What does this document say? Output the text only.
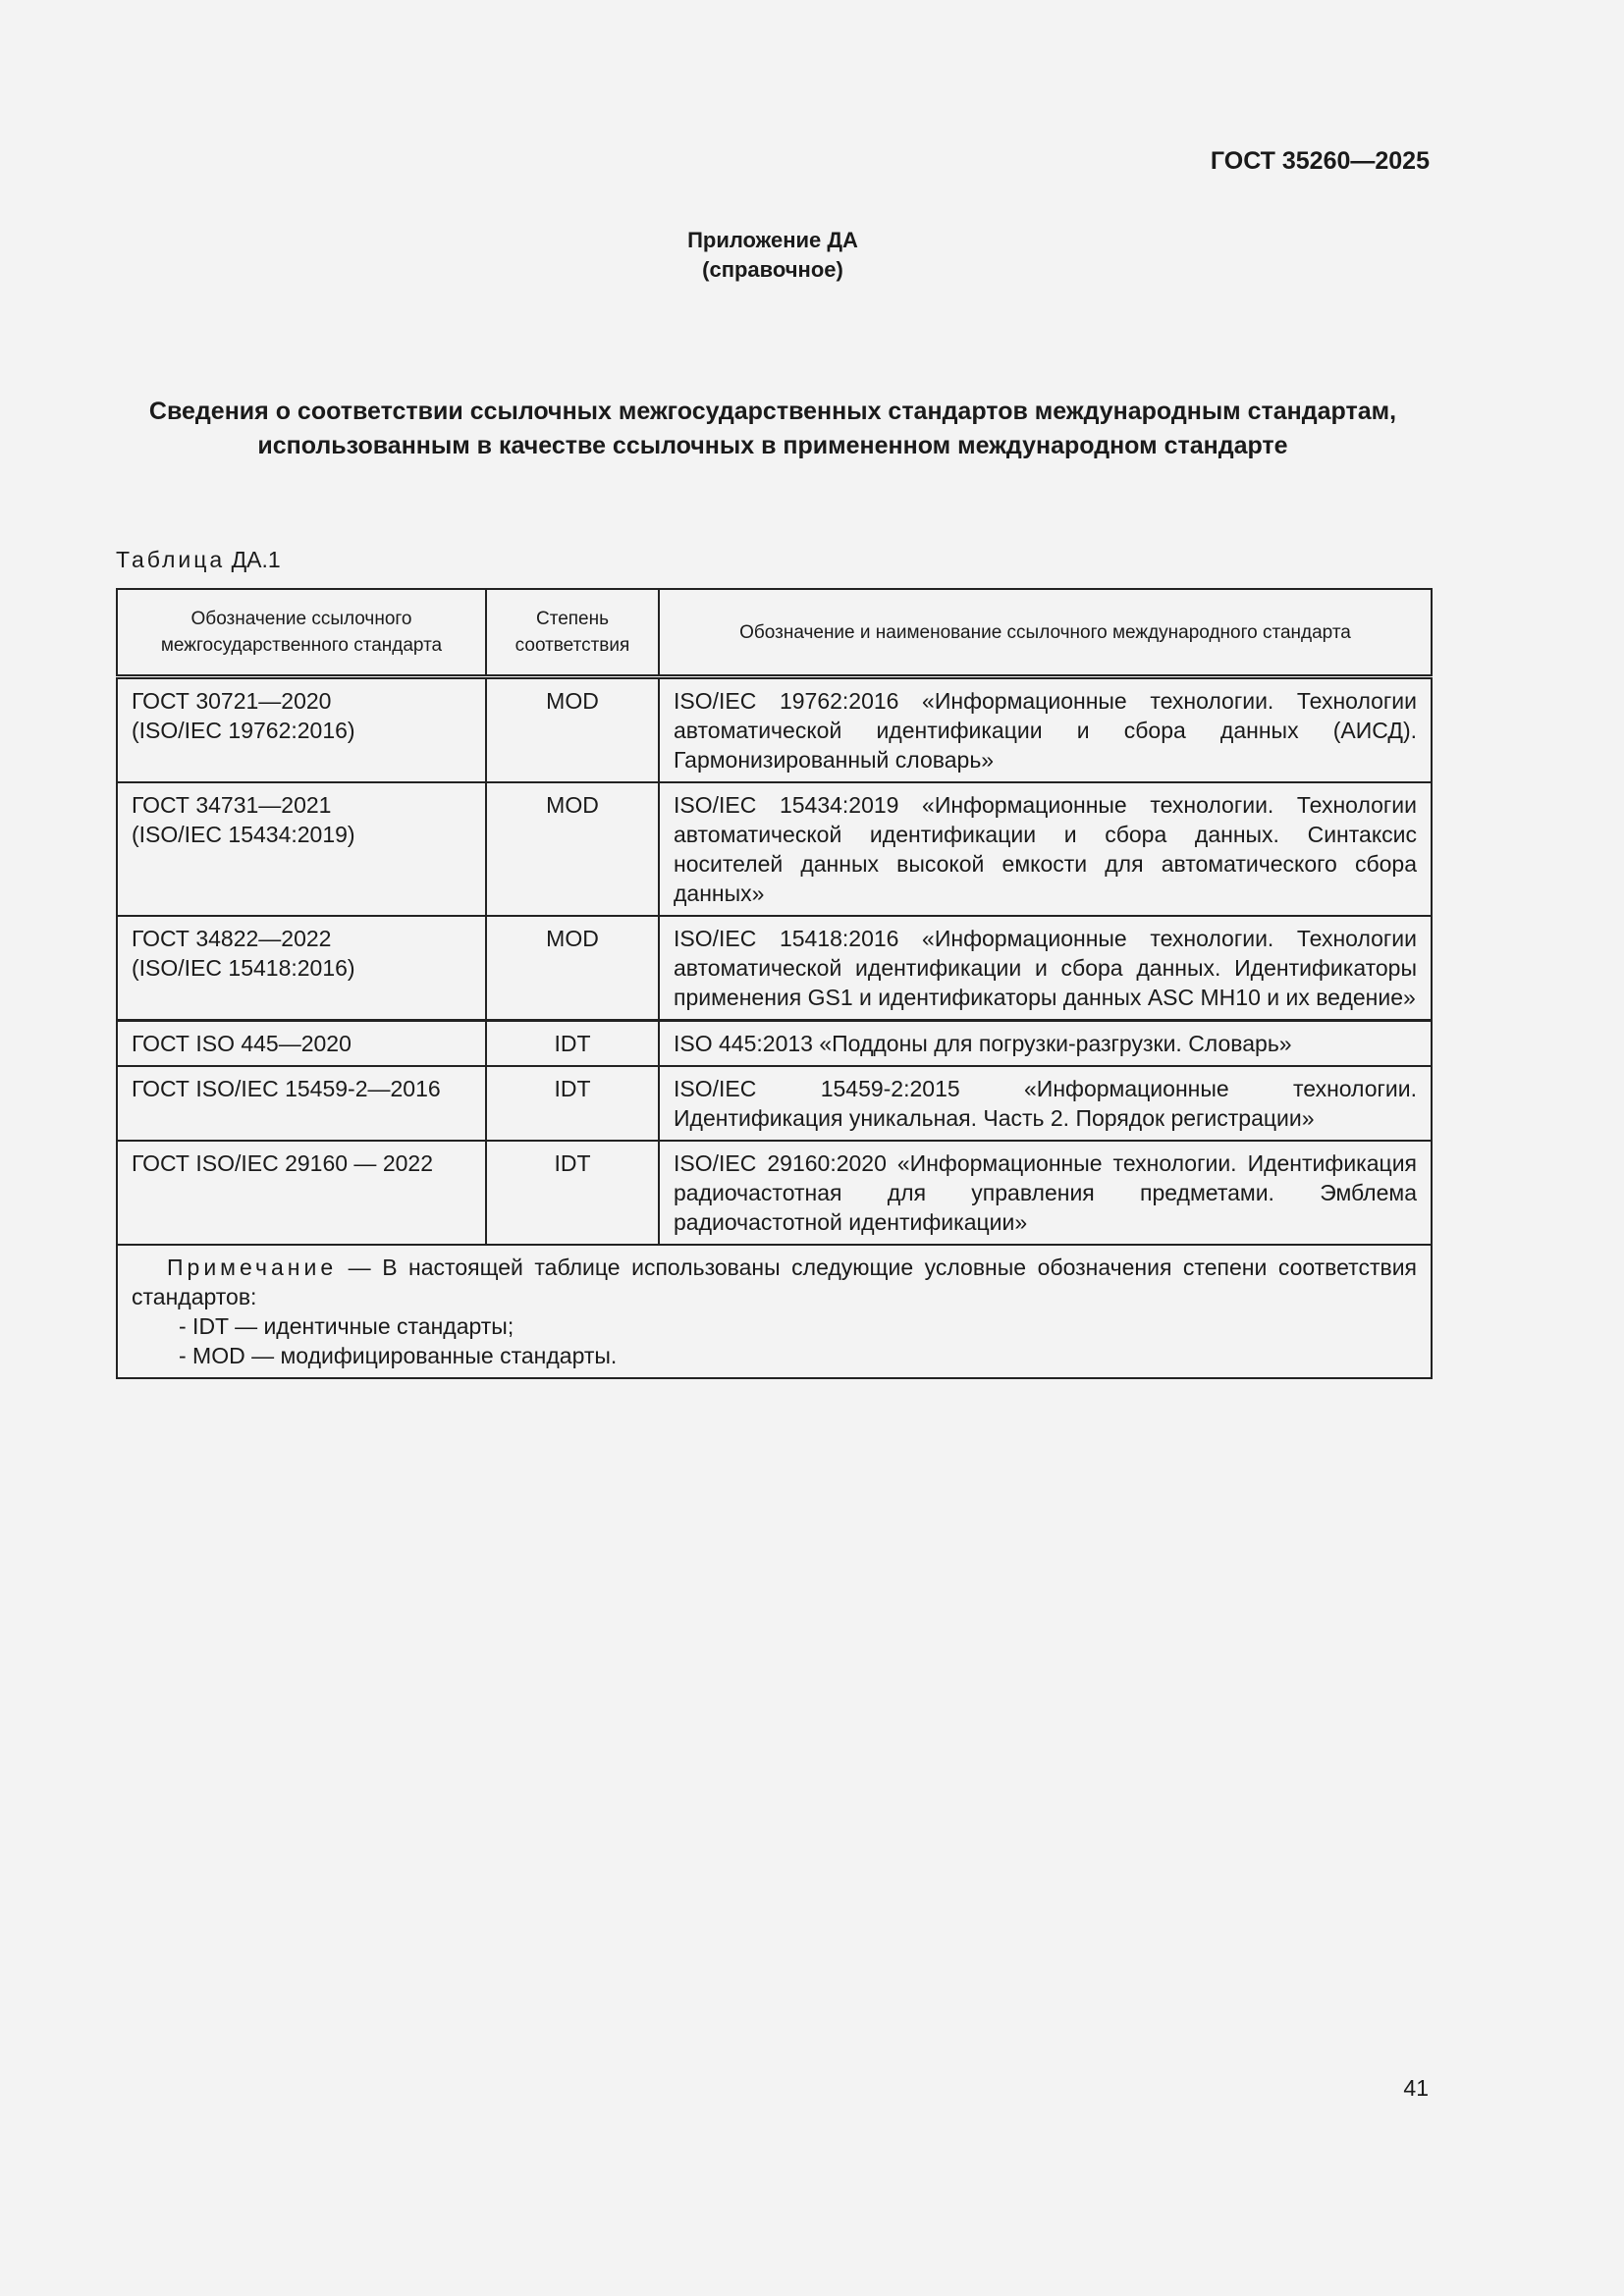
ГОСТ 35260—2025
Приложение ДА
(справочное)
Сведения о соответствии ссылочных межгосударственных стандартов международным стандартам, использованным в качестве ссылочных в примененном международном стандарте
Таблица ДА.1
Обозначение ссылочного межгосударственного стандарта	Степень соответствия	Обозначение и наименование ссылочного международного стандарта

ГОСТ 30721—2020
(ISO/IEC 19762:2016)	MOD	ISO/IEC 19762:2016 «Информационные технологии. Технологии автоматической идентификации и сбора данных (АИСД). Гармонизированный словарь»

ГОСТ 34731—2021
(ISO/IEC 15434:2019)	MOD	ISO/IEC 15434:2019 «Информационные технологии. Технологии автоматической идентификации и сбора данных. Синтаксис носителей данных высокой емкости для автоматического сбора данных»

ГОСТ 34822—2022
(ISO/IEC 15418:2016)	MOD	ISO/IEC 15418:2016 «Информационные технологии. Технологии автоматической идентификации и сбора данных. Идентификаторы применения GS1 и идентификаторы данных ASC MH10 и их ведение»
ГОСТ ISO 445—2020	IDT	ISO 445:2013 «Поддоны для погрузки-разгрузки. Словарь»
ГОСТ ISO/IEC 15459-2—2016	IDT	ISO/IEC 15459-2:2015 «Информационные технологии. Идентификация уникальная. Часть 2. Порядок регистрации»
ГОСТ ISO/IEC 29160 — 2022	IDT	ISO/IEC 29160:2020 «Информационные технологии. Идентификация радиочастотная для управления предметами. Эмблема радиочастотной идентификации»

Примечание — В настоящей таблице использованы следующие условные обозначения степени соответствия стандартов:
- IDT — идентичные стандарты;
- MOD — модифицированные стандарты.		
41
